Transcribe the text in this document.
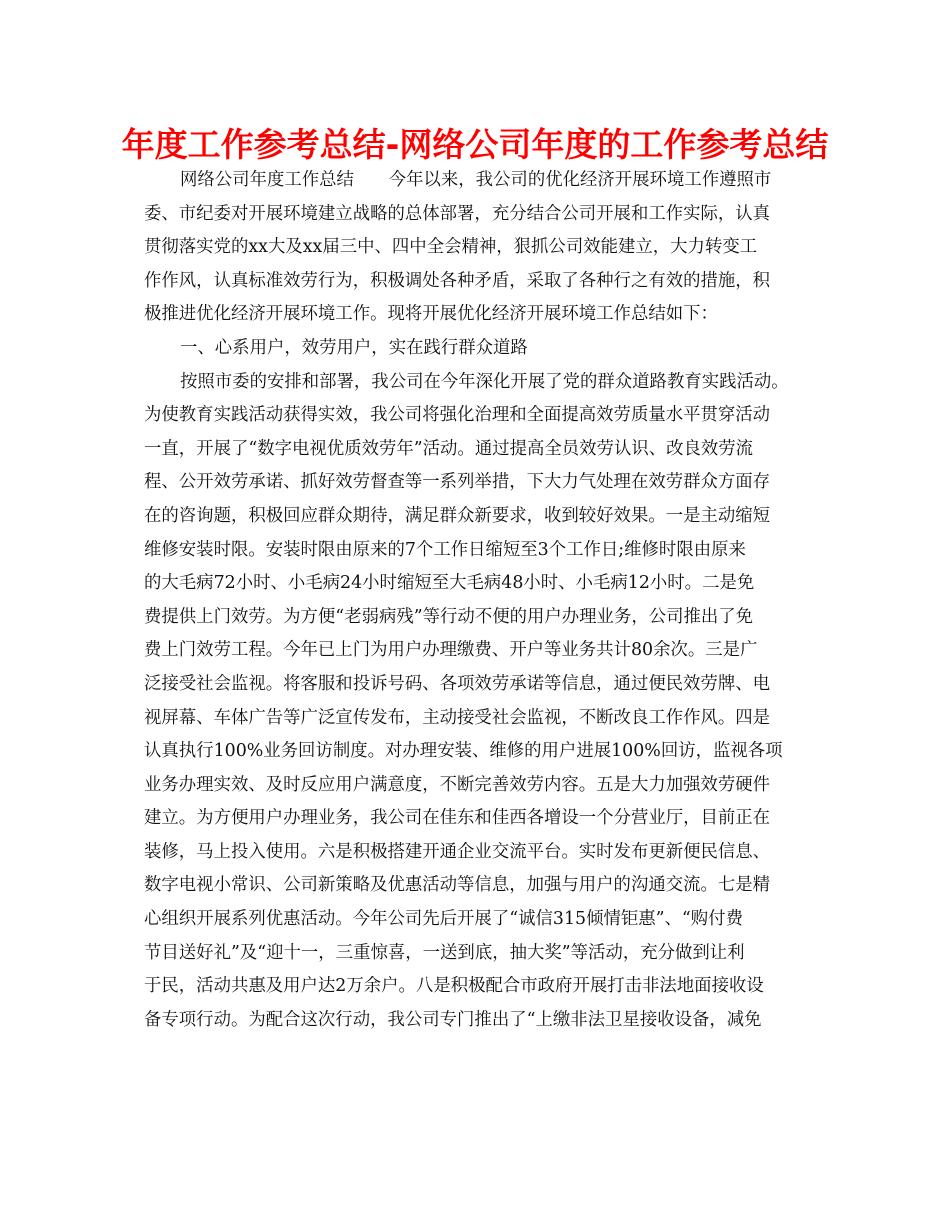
年度工作参考总结-网络公司年度的工作参考总结
网络公司年度工作总结　　今年以来，我公司的优化经济开展环境工作遵照市
委、市纪委对开展环境建立战略的总体部署，充分结合公司开展和工作实际，认真
贯彻落实党的xx大及xx届三中、四中全会精神，狠抓公司效能建立，大力转变工
作作风，认真标准效劳行为，积极调处各种矛盾，采取了各种行之有效的措施，积
极推进优化经济开展环境工作。现将开展优化经济开展环境工作总结如下：
一、心系用户，效劳用户，实在践行群众道路
按照市委的安排和部署，我公司在今年深化开展了党的群众道路教育实践活动。
为使教育实践活动获得实效，我公司将强化治理和全面提高效劳质量水平贯穿活动
一直，开展了“数字电视优质效劳年”活动。通过提高全员效劳认识、改良效劳流
程、公开效劳承诺、抓好效劳督查等一系列举措，下大力气处理在效劳群众方面存
在的咨询题，积极回应群众期待，满足群众新要求，收到较好效果。一是主动缩短
维修安装时限。安装时限由原来的7个工作日缩短至3个工作日;维修时限由原来
的大毛病72小时、小毛病24小时缩短至大毛病48小时、小毛病12小时。二是免
费提供上门效劳。为方便“老弱病残”等行动不便的用户办理业务，公司推出了免
费上门效劳工程。今年已上门为用户办理缴费、开户等业务共计80余次。三是广
泛接受社会监视。将客服和投诉号码、各项效劳承诺等信息，通过便民效劳牌、电
视屏幕、车体广告等广泛宣传发布，主动接受社会监视，不断改良工作作风。四是
认真执行100%业务回访制度。对办理安装、维修的用户进展100%回访，监视各项
业务办理实效、及时反应用户满意度，不断完善效劳内容。五是大力加强效劳硬件
建立。为方便用户办理业务，我公司在佳东和佳西各增设一个分营业厅，目前正在
装修，马上投入使用。六是积极搭建开通企业交流平台。实时发布更新便民信息、
数字电视小常识、公司新策略及优惠活动等信息，加强与用户的沟通交流。七是精
心组织开展系列优惠活动。今年公司先后开展了“诚信315倾情钜惠”、“购付费
节目送好礼”及“迎十一，三重惊喜，一送到底，抽大奖”等活动，充分做到让利
于民，活动共惠及用户达2万余户。八是积极配合市政府开展打击非法地面接收设
备专项行动。为配合这次行动，我公司专门推出了“上缴非法卫星接收设备，减免
